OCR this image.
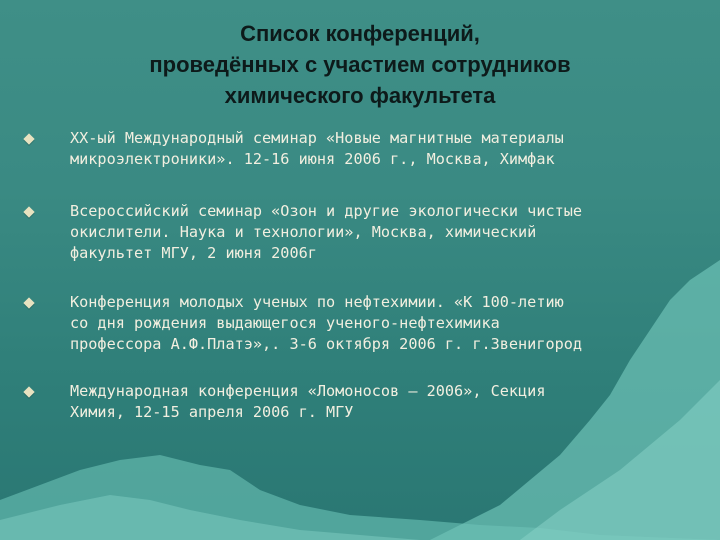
Список конференций,
проведённых с участием сотрудников
химического факультета
XX-ый Международный семинар «Новые магнитные материалы
микроэлектроники». 12-16 июня 2006 г., Москва, Химфак
Всероссийский семинар «Озон и другие экологически чистые
окислители. Наука и технологии», Москва, химический
факультет МГУ, 2 июня 2006г
Конференция молодых ученых по нефтехимии. «К 100-летию
со дня рождения выдающегося ученого-нефтехимика
профессора А.Ф.Платэ»,. 3-6 октября 2006 г. г.Звенигород
Международная конференция «Ломоносов – 2006», Секция
Химия, 12-15 апреля 2006 г. МГУ
